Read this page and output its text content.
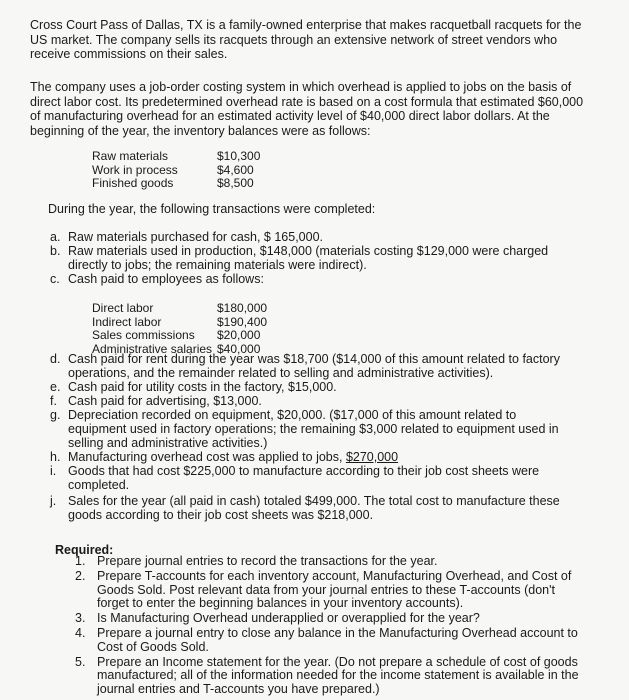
Cross Court Pass of Dallas, TX is a family-owned enterprise that makes racquetball racquets for the US market. The company sells its racquets through an extensive network of street vendors who receive commissions on their sales.

The company uses a job-order costing system in which overhead is applied to jobs on the basis of direct labor cost. Its predetermined overhead rate is based on a cost formula that estimated $60,000 of manufacturing overhead for an estimated activity level of $40,000 direct labor dollars. At the beginning of the year, the inventory balances were as follows:

Raw materials	$10,300
Work in process	$4,600
Finished goods	$8,500

During the year, the following transactions were completed:

a. Raw materials purchased for cash, $ 165,000.
b. Raw materials used in production, $148,000 (materials costing $129,000 were charged directly to jobs; the remaining materials were indirect).
c. Cash paid to employees as follows:
Direct labor	$180,000
Indirect labor	$190,400
Sales commissions	$20,000
Administrative salaries $40,000
d. Cash paid for rent during the year was $18,700 ($14,000 of this amount related to factory operations, and the remainder related to selling and administrative activities).
e. Cash paid for utility costs in the factory, $15,000.
f. Cash paid for advertising, $13,000.
g. Depreciation recorded on equipment, $20,000. ($17,000 of this amount related to equipment used in factory operations; the remaining $3,000 related to equipment used in selling and administrative activities.)
h. Manufacturing overhead cost was applied to jobs, $270,000
i. Goods that had cost $225,000 to manufacture according to their job cost sheets were completed.
j. Sales for the year (all paid in cash) totaled $499,000. The total cost to manufacture these goods according to their job cost sheets was $218,000.

Required:

1. Prepare journal entries to record the transactions for the year.
2. Prepare T-accounts for each inventory account, Manufacturing Overhead, and Cost of Goods Sold. Post relevant data from your journal entries to these T-accounts (don't forget to enter the beginning balances in your inventory accounts).
3. Is Manufacturing Overhead underapplied or overapplied for the year?
4. Prepare a journal entry to close any balance in the Manufacturing Overhead account to Cost of Goods Sold.
5. Prepare an Income statement for the year. (Do not prepare a schedule of cost of goods manufactured; all of the information needed for the income statement is available in the journal entries and T-accounts you have prepared.)
